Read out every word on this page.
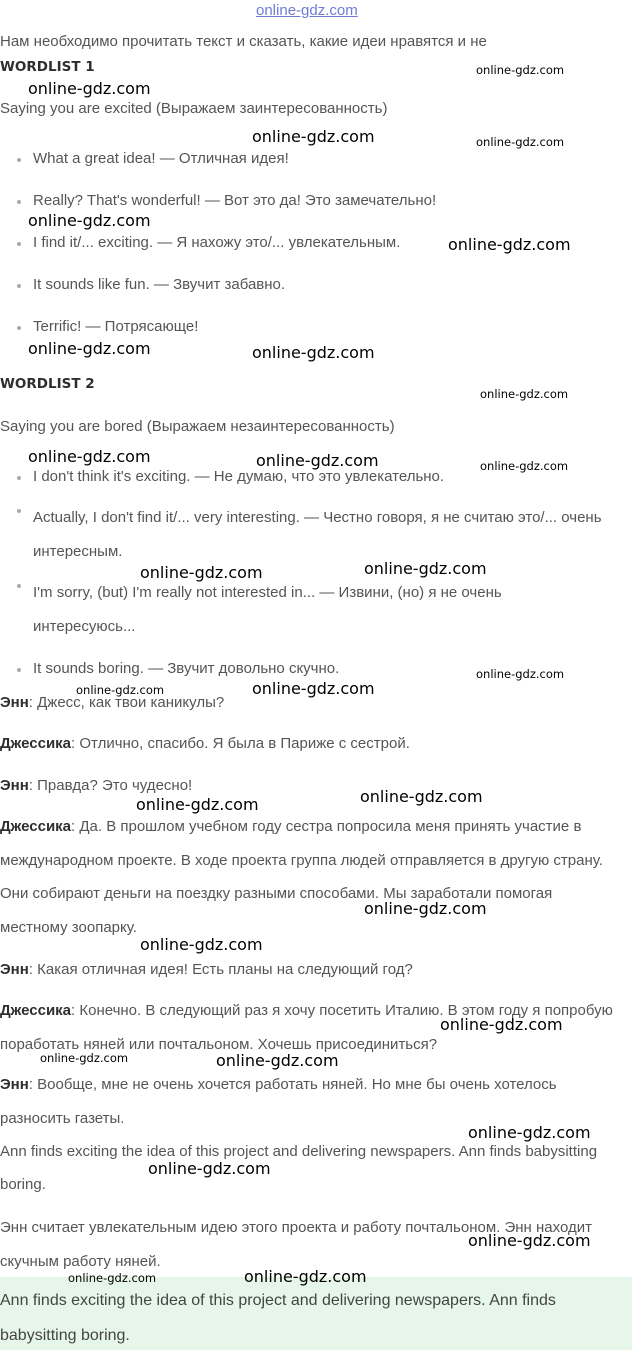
online-gdz.com
Нам необходимо прочитать текст и сказать, какие идеи нравятся и не
WORDLIST 1
Saying you are excited (Выражаем заинтересованность)
What a great idea! — Отличная идея!
Really? That's wonderful! — Вот это да! Это замечательно!
I find it/... exciting. — Я нахожу это/... увлекательным.
It sounds like fun. — Звучит забавно.
Terrific! — Потрясающе!
WORDLIST 2
Saying you are bored (Выражаем незаинтересованность)
I don't think it's exciting. — Не думаю, что это увлекательно.
Actually, I don't find it/... very interesting. — Честно говоря, я не считаю это/... очень интересным.
I'm sorry, (but) I'm really not interested in... — Извини, (но) я не очень интересуюсь...
It sounds boring. — Звучит довольно скучно.
Энн: Джесс, как твои каникулы?
Джессика: Отлично, спасибо. Я была в Париже с сестрой.
Энн: Правда? Это чудесно!
Джессика: Да. В прошлом учебном году сестра попросила меня принять участие в международном проекте. В ходе проекта группа людей отправляется в другую страну. Они собирают деньги на поездку разными способами. Мы заработали помогая местному зоопарку.
Энн: Какая отличная идея! Есть планы на следующий год?
Джессика: Конечно. В следующий раз я хочу посетить Италию. В этом году я попробую поработать няней или почтальоном. Хочешь присоединиться?
Энн: Вообще, мне не очень хочется работать няней. Но мне бы очень хотелось разносить газеты.
Ann finds exciting the idea of this project and delivering newspapers. Ann finds babysitting boring.
Энн считает увлекательным идею этого проекта и работу почтальоном. Энн находит скучным работу няней.
Ann finds exciting the idea of this project and delivering newspapers. Ann finds babysitting boring.
online-gdz.com
online-gdz.com
online-gdz.com	online-gdz.com
online-gdz.com
online-gdz.com
online-gdz.com	online-gdz.com
online-gdz.com
online-gdz.com	online-gdz.com	online-gdz.com
online-gdz.com	online-gdz.com
online-gdz.com
online-gdz.com
online-gdz.com
online-gdz.com	online-gdz.com
online-gdz.com
online-gdz.com
online-gdz.com
online-gdz.com	online-gdz.com
online-gdz.com
online-gdz.com
online-gdz.com
online-gdz.com	online-gdz.com
